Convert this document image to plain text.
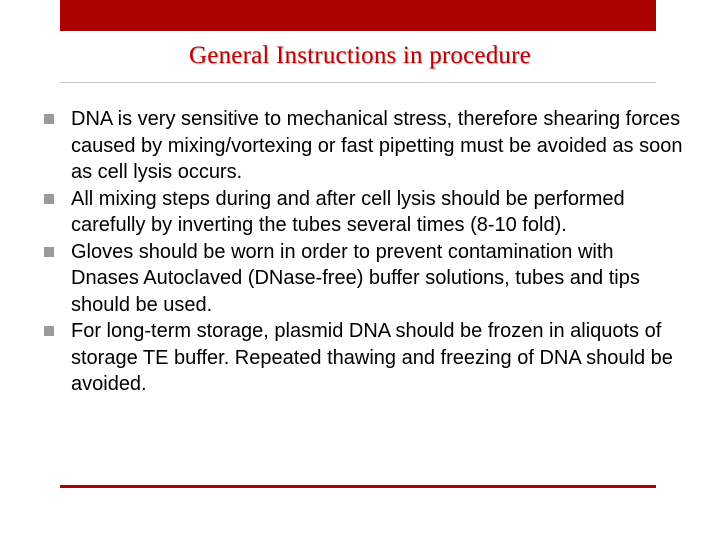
General Instructions in procedure
DNA is very sensitive to mechanical stress, therefore shearing forces caused by mixing/vortexing or fast pipetting must be avoided as soon as cell lysis occurs.
All mixing steps during and after cell lysis should be performed carefully by inverting the tubes several times (8-10 fold).
Gloves should be worn in order to prevent contamination with Dnases Autoclaved (DNase-free) buffer solutions, tubes and tips should be used.
For long-term storage, plasmid DNA should be frozen in aliquots of storage TE buffer. Repeated thawing and freezing of DNA should be avoided.
